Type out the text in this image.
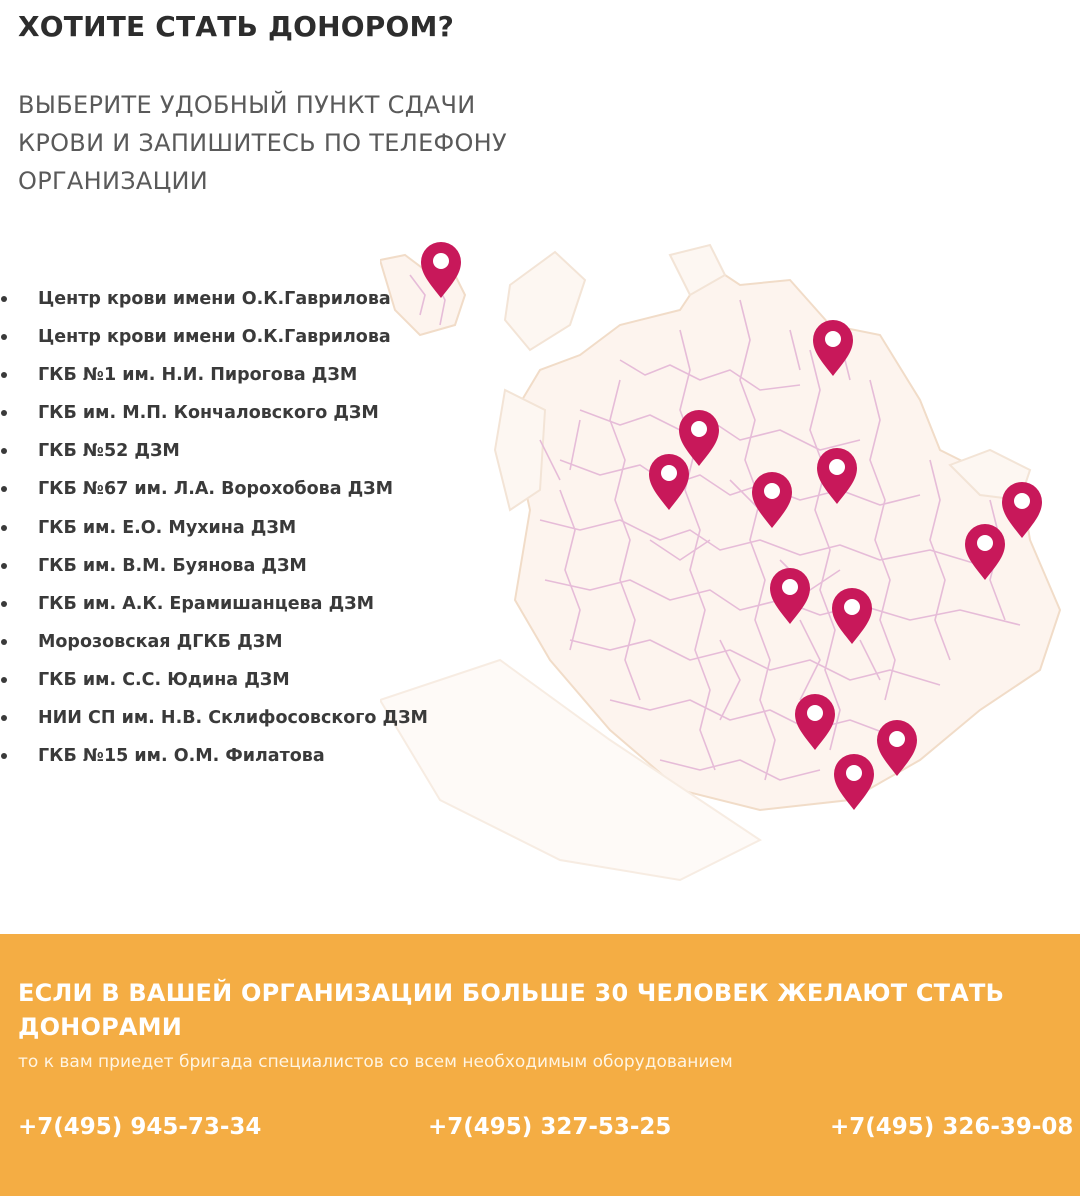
ХОТИТЕ СТАТЬ ДОНОРОМ?

ВЫБЕРИТЕ УДОБНЫЙ ПУНКТ СДАЧИ КРОВИ И ЗАПИШИТЕСЬ ПО ТЕЛЕФОНУ ОРГАНИЗАЦИИ

Центр крови имени О.К.Гаврилова
Центр крови имени О.К.Гаврилова
ГКБ №1 им. Н.И. Пирогова ДЗМ
ГКБ им. М.П. Кончаловского ДЗМ
ГКБ №52 ДЗМ
ГКБ №67 им. Л.А. Ворохобова ДЗМ
ГКБ им. Е.О. Мухина ДЗМ
ГКБ им. В.М. Буянова ДЗМ
ГКБ им. А.К. Ерамишанцева ДЗМ
Морозовская ДГКБ ДЗМ
ГКБ им. С.С. Юдина ДЗМ
НИИ СП им. Н.В. Склифосовского ДЗМ
ГКБ №15 им. О.М. Филатова
ЕСЛИ В ВАШЕЙ ОРГАНИЗАЦИИ БОЛЬШЕ 30 ЧЕЛОВЕК ЖЕЛАЮТ СТАТЬ ДОНОРАМИ

то к вам приедет бригада специалистов со всем необходимым оборудованием

+7(495) 945-73-34	+7(495) 327-53-25	+7(495) 326-39-08
